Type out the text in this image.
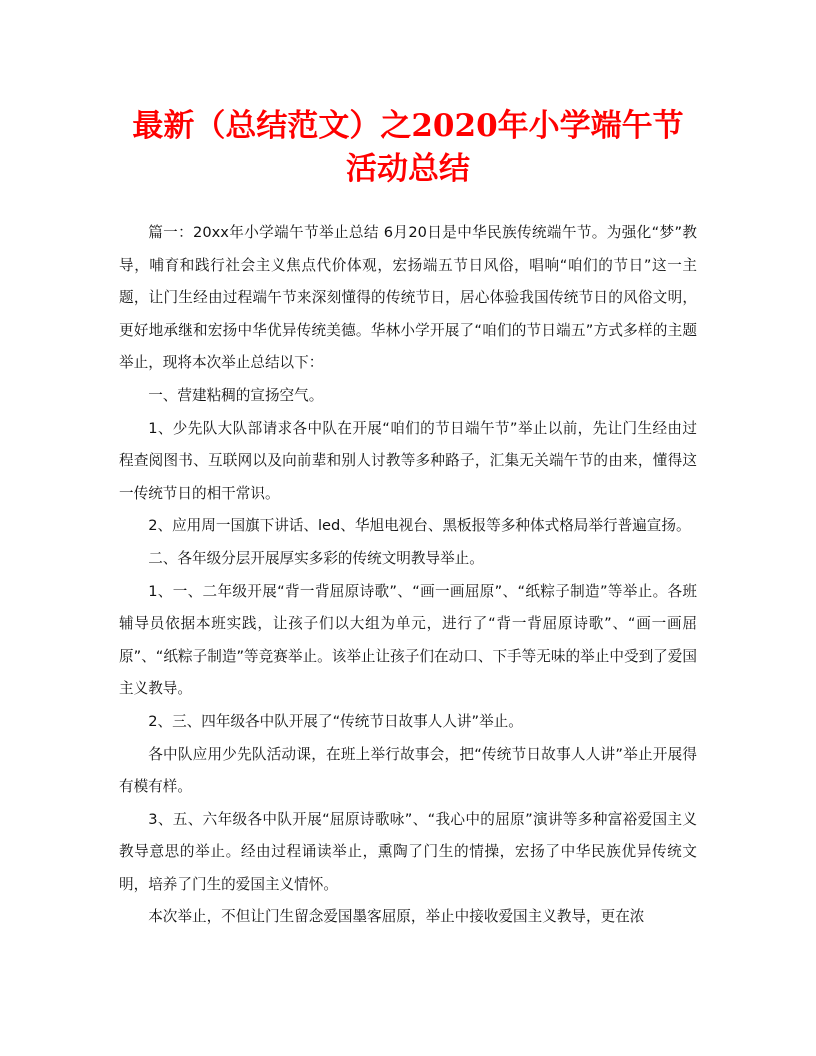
最新（总结范文）之2020年小学端午节
活动总结

篇一：20xx年小学端午节举止总结 6月20日是中华民族传统端午节。为强化“梦”教导，哺育和践行社会主义焦点代价体观，宏扬端五节日风俗，唱响“咱们的节日”这一主题，让门生经由过程端午节来深刻懂得的传统节日，居心体验我国传统节日的风俗文明，更好地承继和宏扬中华优异传统美德。华林小学开展了“咱们的节日端五”方式多样的主题举止，现将本次举止总结以下：

一、营建粘稠的宣扬空气。

1、少先队大队部请求各中队在开展“咱们的节日端午节”举止以前，先让门生经由过程查阅图书、互联网以及向前辈和别人讨教等多种路子，汇集无关端午节的由来，懂得这一传统节日的相干常识。

2、应用周一国旗下讲话、led、华旭电视台、黑板报等多种体式格局举行普遍宣扬。

二、各年级分层开展厚实多彩的传统文明教导举止。

1、一、二年级开展“背一背屈原诗歌”、“画一画屈原”、“纸粽子制造”等举止。各班辅导员依据本班实践，让孩子们以大组为单元，进行了“背一背屈原诗歌”、“画一画屈原”、“纸粽子制造”等竞赛举止。该举止让孩子们在动口、下手等无味的举止中受到了爱国主义教导。

2、三、四年级各中队开展了“传统节日故事人人讲”举止。

各中队应用少先队活动课，在班上举行故事会，把“传统节日故事人人讲”举止开展得有模有样。

3、五、六年级各中队开展“屈原诗歌咏”、“我心中的屈原”演讲等多种富裕爱国主义教导意思的举止。经由过程诵读举止，熏陶了门生的情操，宏扬了中华民族优异传统文明，培养了门生的爱国主义情怀。

本次举止，不但让门生留念爱国墨客屈原，举止中接收爱国主义教导，更在浓
